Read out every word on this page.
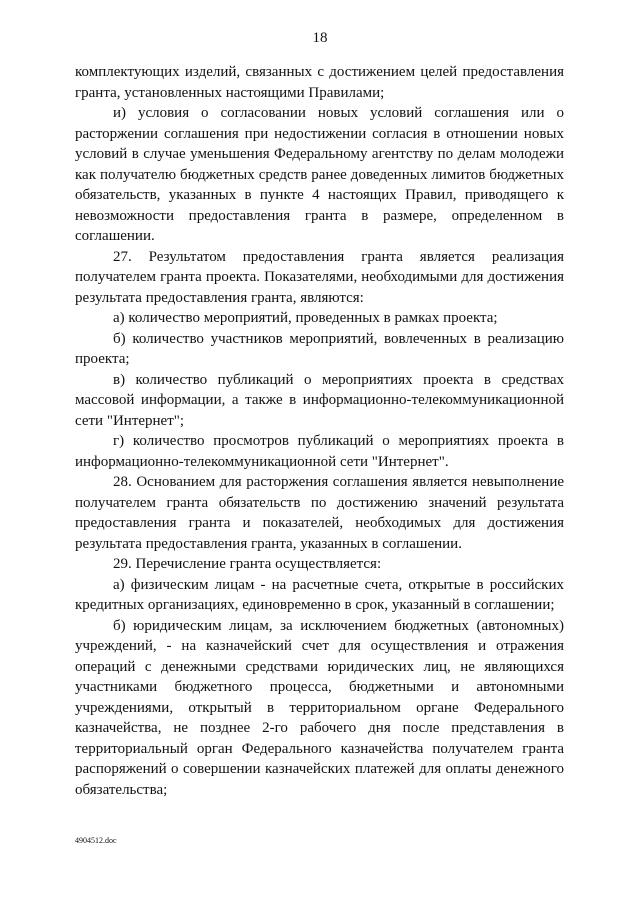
18

комплектующих изделий, связанных с достижением целей предоставления гранта, установленных настоящими Правилами;

и) условия о согласовании новых условий соглашения или о расторжении соглашения при недостижении согласия в отношении новых условий в случае уменьшения Федеральному агентству по делам молодежи как получателю бюджетных средств ранее доведенных лимитов бюджетных обязательств, указанных в пункте 4 настоящих Правил, приводящего к невозможности предоставления гранта в размере, определенном в соглашении.

27. Результатом предоставления гранта является реализация получателем гранта проекта. Показателями, необходимыми для достижения результата предоставления гранта, являются:

а) количество мероприятий, проведенных в рамках проекта;

б) количество участников мероприятий, вовлеченных в реализацию проекта;

в) количество публикаций о мероприятиях проекта в средствах массовой информации, а также в информационно-телекоммуникационной сети "Интернет";

г) количество просмотров публикаций о мероприятиях проекта в информационно-телекоммуникационной сети "Интернет".

28. Основанием для расторжения соглашения является невыполнение получателем гранта обязательств по достижению значений результата предоставления гранта и показателей, необходимых для достижения результата предоставления гранта, указанных в соглашении.

29. Перечисление гранта осуществляется:

а) физическим лицам - на расчетные счета, открытые в российских кредитных организациях, единовременно в срок, указанный в соглашении;

б) юридическим лицам, за исключением бюджетных (автономных) учреждений, - на казначейский счет для осуществления и отражения операций с денежными средствами юридических лиц, не являющихся участниками бюджетного процесса, бюджетными и автономными учреждениями, открытый в территориальном органе Федерального казначейства, не позднее 2-го рабочего дня после представления в территориальный орган Федерального казначейства получателем гранта распоряжений о совершении казначейских платежей для оплаты денежного обязательства;

4904512.doc
